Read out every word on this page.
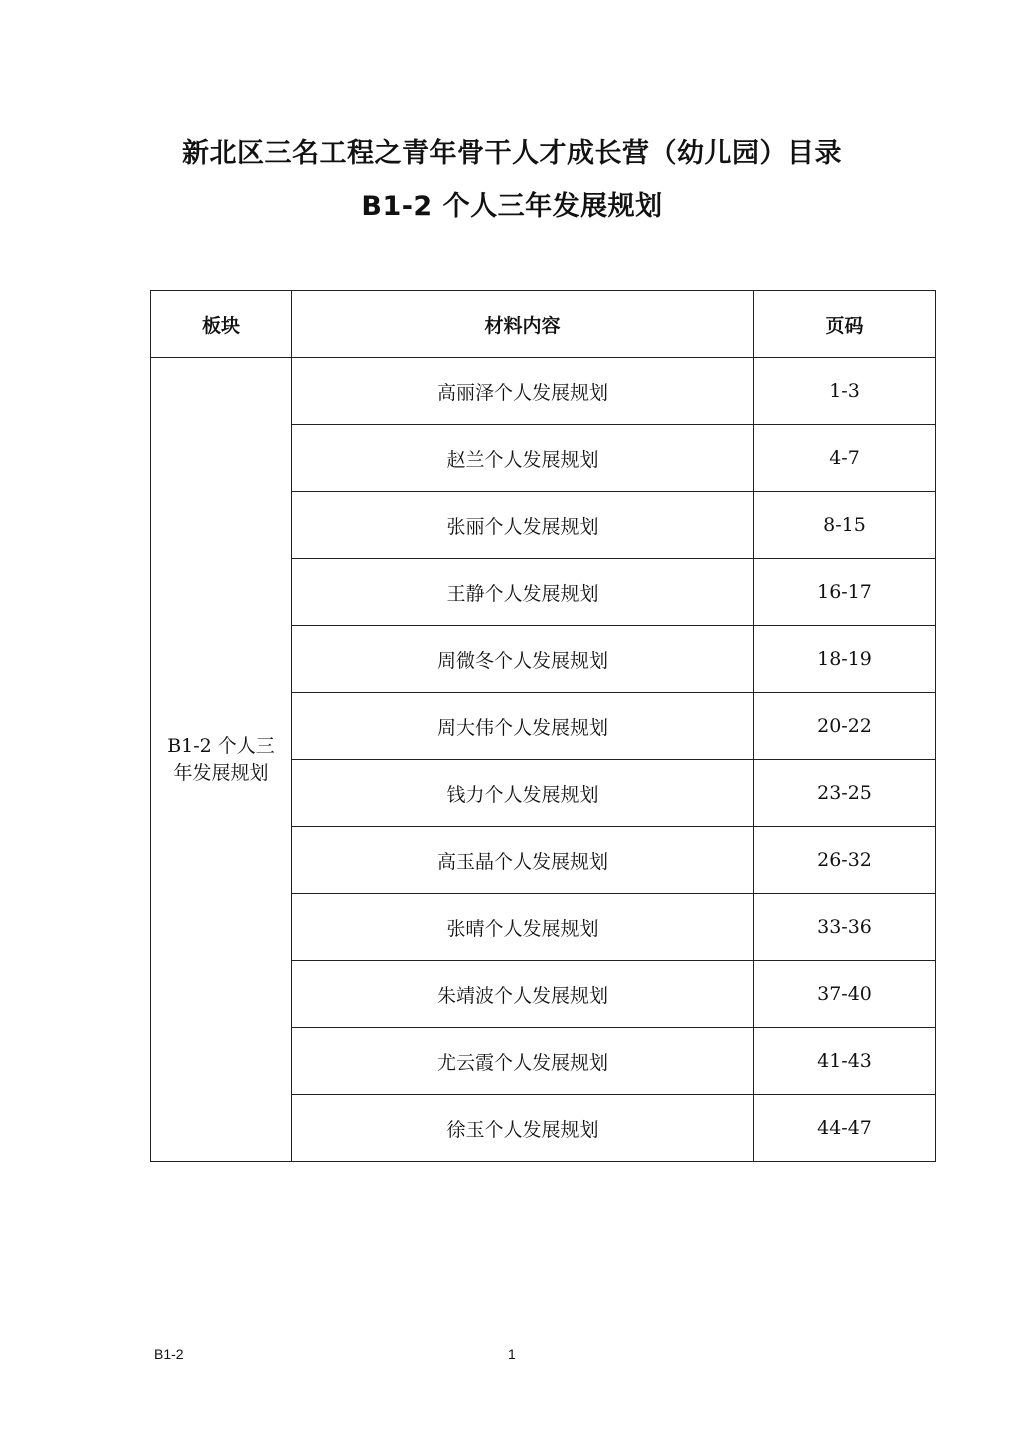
新北区三名工程之青年骨干人才成长营（幼儿园）目录
B1-2 个人三年发展规划
板块	材料内容	页码

B1-2 个人三
年发展规划	高丽泽个人发展规划	1-3
	赵兰个人发展规划	4-7
	张丽个人发展规划	8-15
	王静个人发展规划	16-17
	周微冬个人发展规划	18-19
	周大伟个人发展规划	20-22
	钱力个人发展规划	23-25
	高玉晶个人发展规划	26-32
	张晴个人发展规划	33-36
	朱靖波个人发展规划	37-40
	尤云霞个人发展规划	41-43
	徐玉个人发展规划	44-47
B1-2	1
